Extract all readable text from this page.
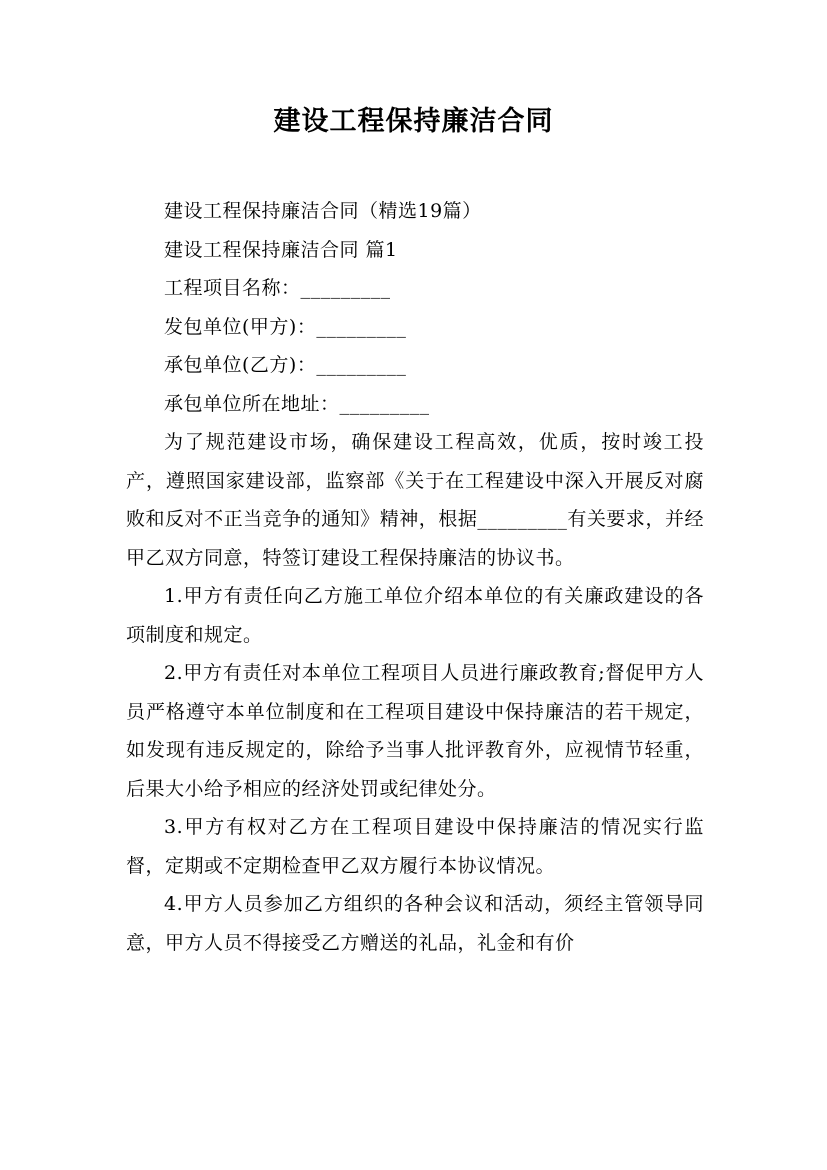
建设工程保持廉洁合同

建设工程保持廉洁合同（精选19篇）

建设工程保持廉洁合同 篇1

工程项目名称：_________

发包单位(甲方)：_________

承包单位(乙方)：_________

承包单位所在地址：_________

为了规范建设市场，确保建设工程高效，优质，按时竣工投产，遵照国家建设部，监察部《关于在工程建设中深入开展反对腐败和反对不正当竞争的通知》精神，根据_________有关要求，并经甲乙双方同意，特签订建设工程保持廉洁的协议书。

1.甲方有责任向乙方施工单位介绍本单位的有关廉政建设的各项制度和规定。

2.甲方有责任对本单位工程项目人员进行廉政教育;督促甲方人员严格遵守本单位制度和在工程项目建设中保持廉洁的若干规定，如发现有违反规定的，除给予当事人批评教育外，应视情节轻重，后果大小给予相应的经济处罚或纪律处分。

3.甲方有权对乙方在工程项目建设中保持廉洁的情况实行监督，定期或不定期检查甲乙双方履行本协议情况。

4.甲方人员参加乙方组织的各种会议和活动，须经主管领导同意，甲方人员不得接受乙方赠送的礼品，礼金和有价
